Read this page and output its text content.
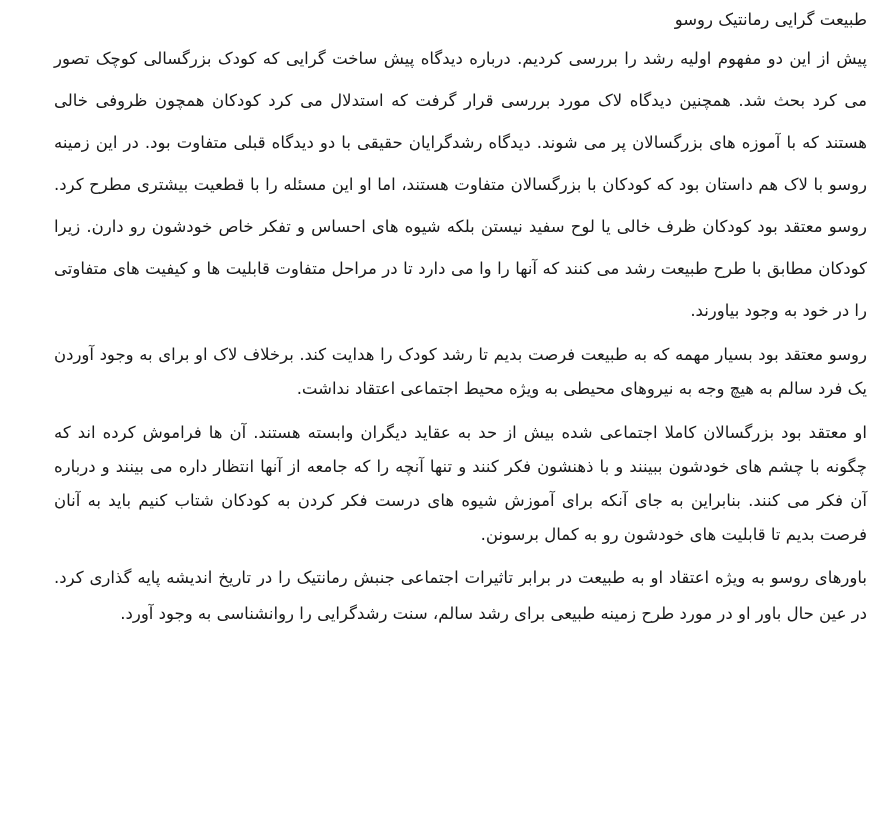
طبیعت گرایی رمانتیک روسو

پیش از این دو مفهوم اولیه رشد را بررسی کردیم. درباره دیدگاه پیش ساخت گرایی که کودک بزرگسالی کوچک تصور می کرد بحث شد. همچنین دیدگاه لاک مورد بررسی قرار گرفت که استدلال می کرد کودکان همچون ظروفی خالی هستند که با آموزه های بزرگسالان پر می شوند. دیدگاه رشدگرایان حقیقی با دو دیدگاه قبلی متفاوت بود. در این زمینه روسو با لاک هم داستان بود که کودکان با بزرگسالان متفاوت هستند، اما او این مسئله را با قطعیت بیشتری مطرح کرد. روسو معتقد بود کودکان ظرف خالی یا لوح سفید نیستن بلکه شیوه های احساس و تفکر خاص خودشون رو دارن. زیرا کودکان مطابق با طرح طبیعت رشد می کنند که آنها را وا می دارد تا در مراحل متفاوت قابلیت ها و کیفیت های متفاوتی را در خود به وجود بیاورند.

روسو معتقد بود بسیار مهمه که به طبیعت فرصت بدیم تا رشد کودک را هدایت کند. برخلاف لاک او برای به وجود آوردن یک فرد سالم به هیچ وجه به نیروهای محیطی به ویژه محیط اجتماعی اعتقاد نداشت.

او معتقد بود بزرگسالان کاملا اجتماعی شده بیش از حد به عقاید دیگران وابسته هستند. آن ها فراموش کرده اند که چگونه با چشم های خودشون ببینند و با ذهنشون فکر کنند و تنها آنچه را که جامعه از آنها انتظار داره می بینند و درباره آن فکر می کنند. بنابراین به جای آنکه برای آموزش شیوه های درست فکر کردن به کودکان شتاب کنیم باید به آنان فرصت بدیم تا قابلیت های خودشون رو به کمال برسونن.

باورهای روسو به ویژه اعتقاد او به طبیعت در برابر تاثیرات اجتماعی جنبش رمانتیک را در تاریخ اندیشه پایه گذاری کرد. در عین حال باور او در مورد طرح زمینه طبیعی برای رشد سالم، سنت رشدگرایی را روانشناسی به وجود آورد.
